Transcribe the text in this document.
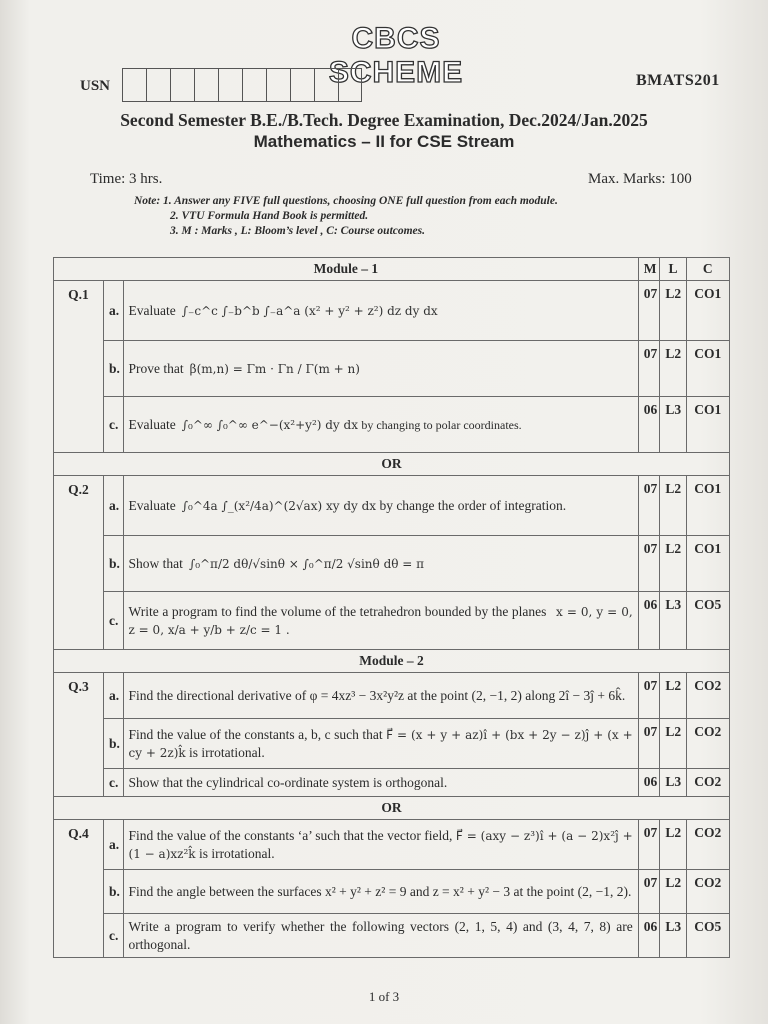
CBCS SCHEME
USN	BMATS201
Second Semester B.E./B.Tech. Degree Examination, Dec.2024/Jan.2025
Mathematics – II for CSE Stream
Time: 3 hrs.	Max. Marks: 100
Note: 1. Answer any FIVE full questions, choosing ONE full question from each module.
2. VTU Formula Hand Book is permitted.
3. M : Marks , L: Bloom’s level , C: Course outcomes.
Module – 1			M	L	C
Q.1	a.	Evaluate ∫₋c^c ∫₋b^b ∫₋a^a (x² + y² + z²) dz dy dx	07	L2	CO1
	b.	Prove that β(m,n) = Γm · Γn / Γ(m + n)	07	L2	CO1
	c.	Evaluate ∫₀^∞ ∫₀^∞ e^−(x²+y²) dy dx by changing to polar coordinates.	06	L3	CO1
OR					
Q.2	a.	Evaluate ∫₀^4a ∫_(x²/4a)^(2√ax) xy dy dx by change the order of integration.	07	L2	CO1
	b.	Show that ∫₀^π/2 dθ/√sinθ × ∫₀^π/2 √sinθ dθ = π	07	L2	CO1
	c.	Write a program to find the volume of the tetrahedron bounded by the planes x = 0, y = 0, z = 0, x/a + y/b + z/c = 1 .	06	L3	CO5
Module – 2					
Q.3	a.	Find the directional derivative of φ = 4xz³ − 3x²y²z at the point (2, −1, 2) along 2î − 3ĵ + 6k̂.	07	L2	CO2
	b.	Find the value of the constants a, b, c such that F⃗ = (x + y + az)î + (bx + 2y − z)ĵ + (x + cy + 2z)k̂ is irrotational.	07	L2	CO2
	c.	Show that the cylindrical co-ordinate system is orthogonal.	06	L3	CO2
OR					
Q.4	a.	Find the value of the constants ‘a’ such that the vector field, F⃗ = (axy − z³)î + (a − 2)x²ĵ + (1 − a)xz²k̂ is irrotational.	07	L2	CO2
	b.	Find the angle between the surfaces x² + y² + z² = 9 and z = x² + y² − 3 at the point (2, −1, 2).	07	L2	CO2
	c.	Write a program to verify whether the following vectors (2, 1, 5, 4) and (3, 4, 7, 8) are orthogonal.	06	L3	CO5
1 of 3
